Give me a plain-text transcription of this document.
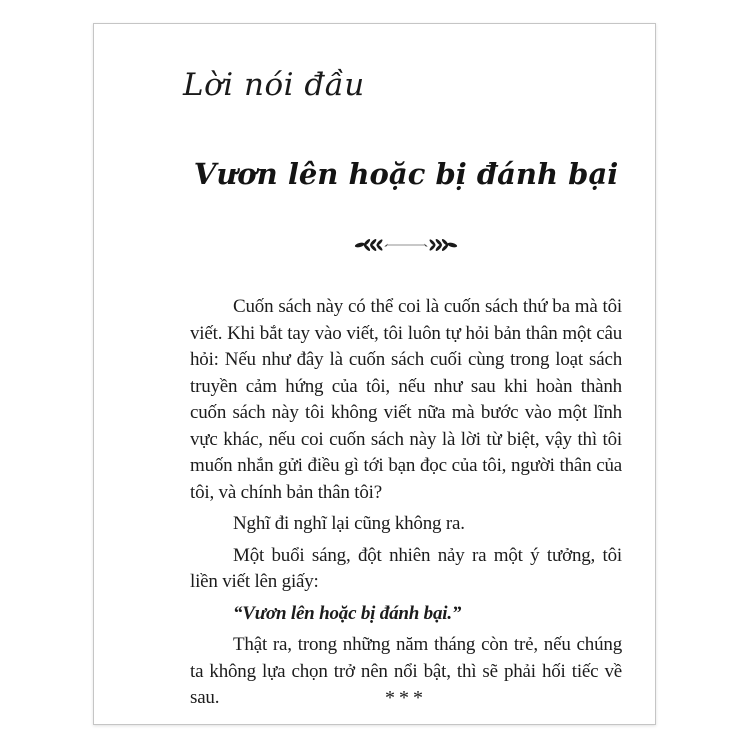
Lời nói đầu
Vươn lên hoặc bị đánh bại

Cuốn sách này có thể coi là cuốn sách thứ ba mà tôi viết. Khi bắt tay vào viết, tôi luôn tự hỏi bản thân một câu hỏi: Nếu như đây là cuốn sách cuối cùng trong loạt sách truyền cảm hứng của tôi, nếu như sau khi hoàn thành cuốn sách này tôi không viết nữa mà bước vào một lĩnh vực khác, nếu coi cuốn sách này là lời từ biệt, vậy thì tôi muốn nhắn gửi điều gì tới bạn đọc của tôi, người thân của tôi, và chính bản thân tôi?

Nghĩ đi nghĩ lại cũng không ra.

Một buổi sáng, đột nhiên nảy ra một ý tưởng, tôi liền viết lên giấy:

“Vươn lên hoặc bị đánh bại.”

Thật ra, trong những năm tháng còn trẻ, nếu chúng ta không lựa chọn trở nên nổi bật, thì sẽ phải hối tiếc về sau.	***
